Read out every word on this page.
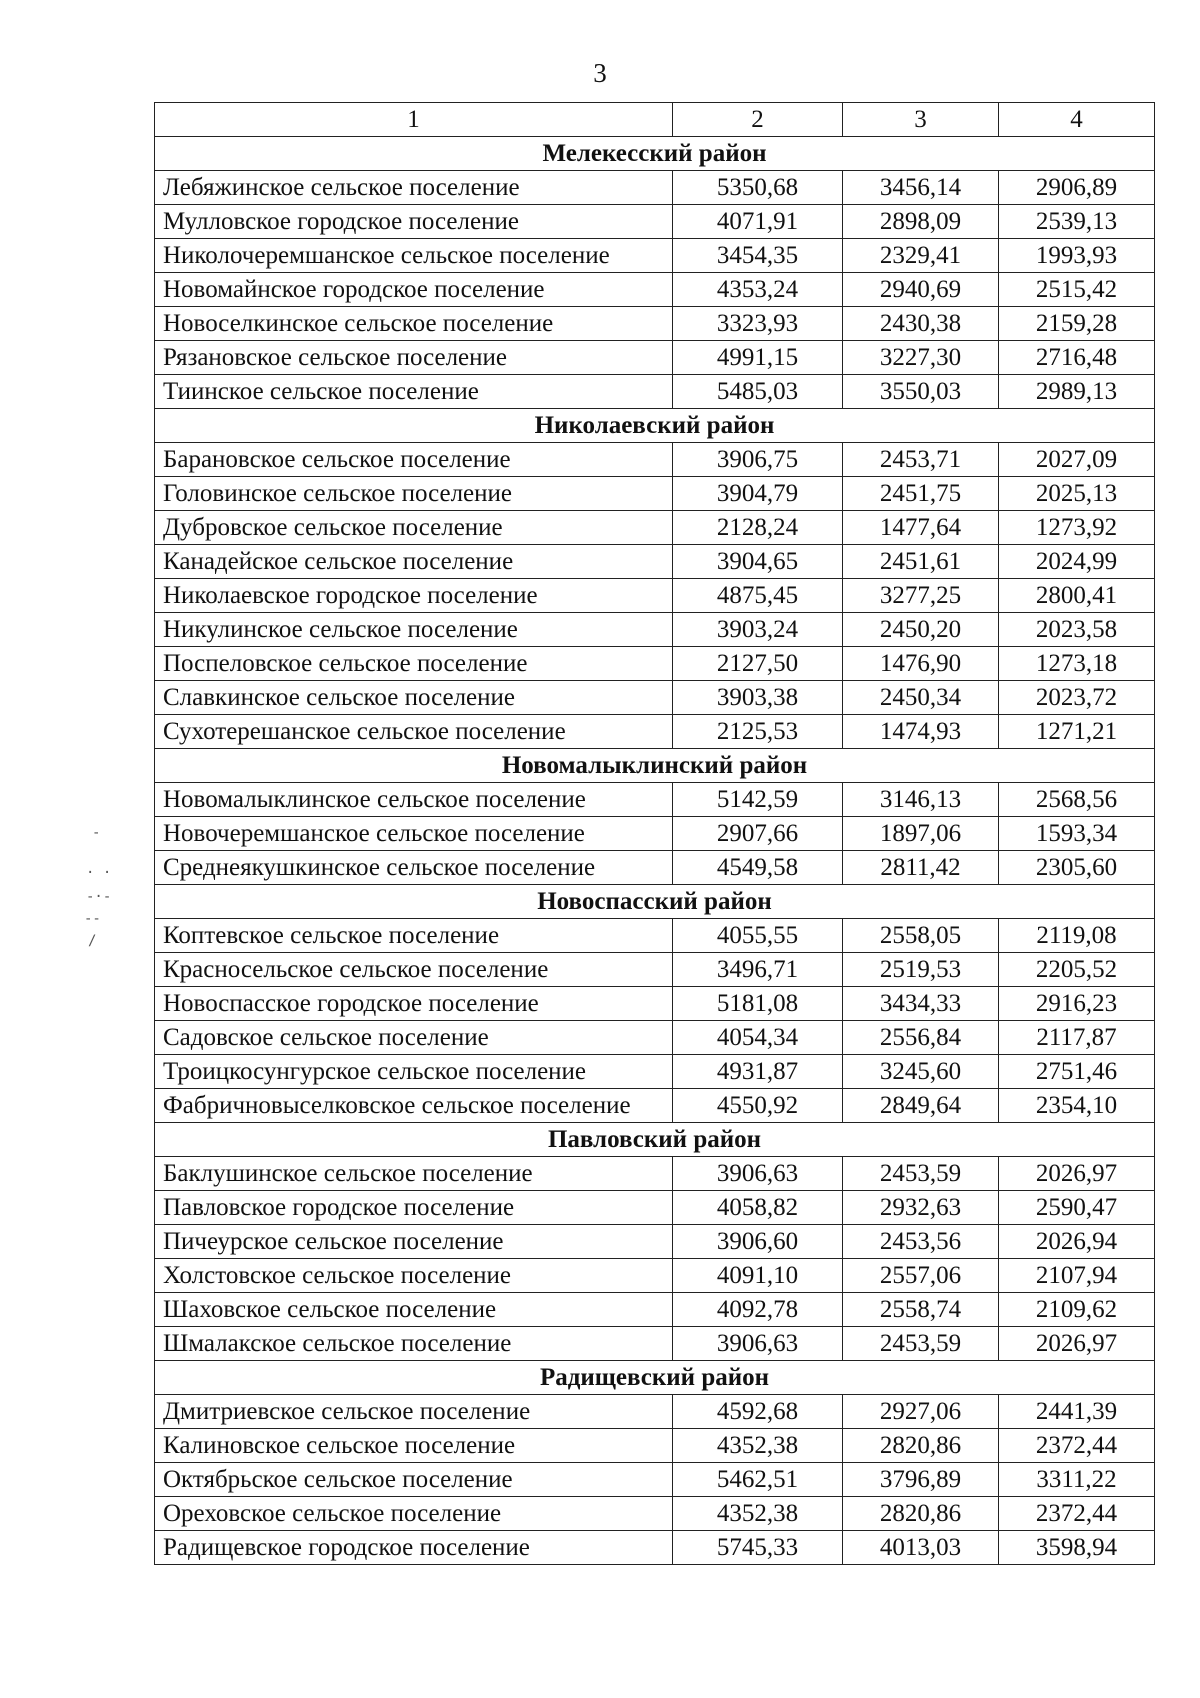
3
1	2	3	4
Мелекесский район			
Лебяжинское сельское поселение	5350,68	3456,14	2906,89
Мулловское городское поселение	4071,91	2898,09	2539,13
Николочеремшанское сельское поселение	3454,35	2329,41	1993,93
Новомайнское городское поселение	4353,24	2940,69	2515,42
Новоселкинское сельское поселение	3323,93	2430,38	2159,28
Рязановское сельское поселение	4991,15	3227,30	2716,48
Тиинское сельское поселение	5485,03	3550,03	2989,13
Николаевский район			
Барановское сельское поселение	3906,75	2453,71	2027,09
Головинское сельское поселение	3904,79	2451,75	2025,13
Дубровское сельское поселение	2128,24	1477,64	1273,92
Канадейское сельское поселение	3904,65	2451,61	2024,99
Николаевское городское поселение	4875,45	3277,25	2800,41
Никулинское сельское поселение	3903,24	2450,20	2023,58
Поспеловское сельское поселение	2127,50	1476,90	1273,18
Славкинское сельское поселение	3903,38	2450,34	2023,72
Сухотерешанское сельское поселение	2125,53	1474,93	1271,21
Новомалыклинский район			
Новомалыклинское сельское поселение	5142,59	3146,13	2568,56
Новочеремшанское сельское поселение	2907,66	1897,06	1593,34
Среднеякушкинское сельское поселение	4549,58	2811,42	2305,60
Новоспасский район			
Коптевское сельское поселение	4055,55	2558,05	2119,08
Красносельское сельское поселение	3496,71	2519,53	2205,52
Новоспасское городское поселение	5181,08	3434,33	2916,23
Садовское сельское поселение	4054,34	2556,84	2117,87
Троицкосунгурское сельское поселение	4931,87	3245,60	2751,46
Фабричновыселковское сельское поселение	4550,92	2849,64	2354,10
Павловский район			
Баклушинское сельское поселение	3906,63	2453,59	2026,97
Павловское городское поселение	4058,82	2932,63	2590,47
Пичеурское сельское поселение	3906,60	2453,56	2026,94
Холстовское сельское поселение	4091,10	2557,06	2107,94
Шаховское сельское поселение	4092,78	2558,74	2109,62
Шмалакское сельское поселение	3906,63	2453,59	2026,97
Радищевский район			
Дмитриевское сельское поселение	4592,68	2927,06	2441,39
Калиновское сельское поселение	4352,38	2820,86	2372,44
Октябрьское сельское поселение	5462,51	3796,89	3311,22
Ореховское сельское поселение	4352,38	2820,86	2372,44
Радищевское городское поселение	5745,33	4013,03	3598,94
-
· ·
-·-
--
/
